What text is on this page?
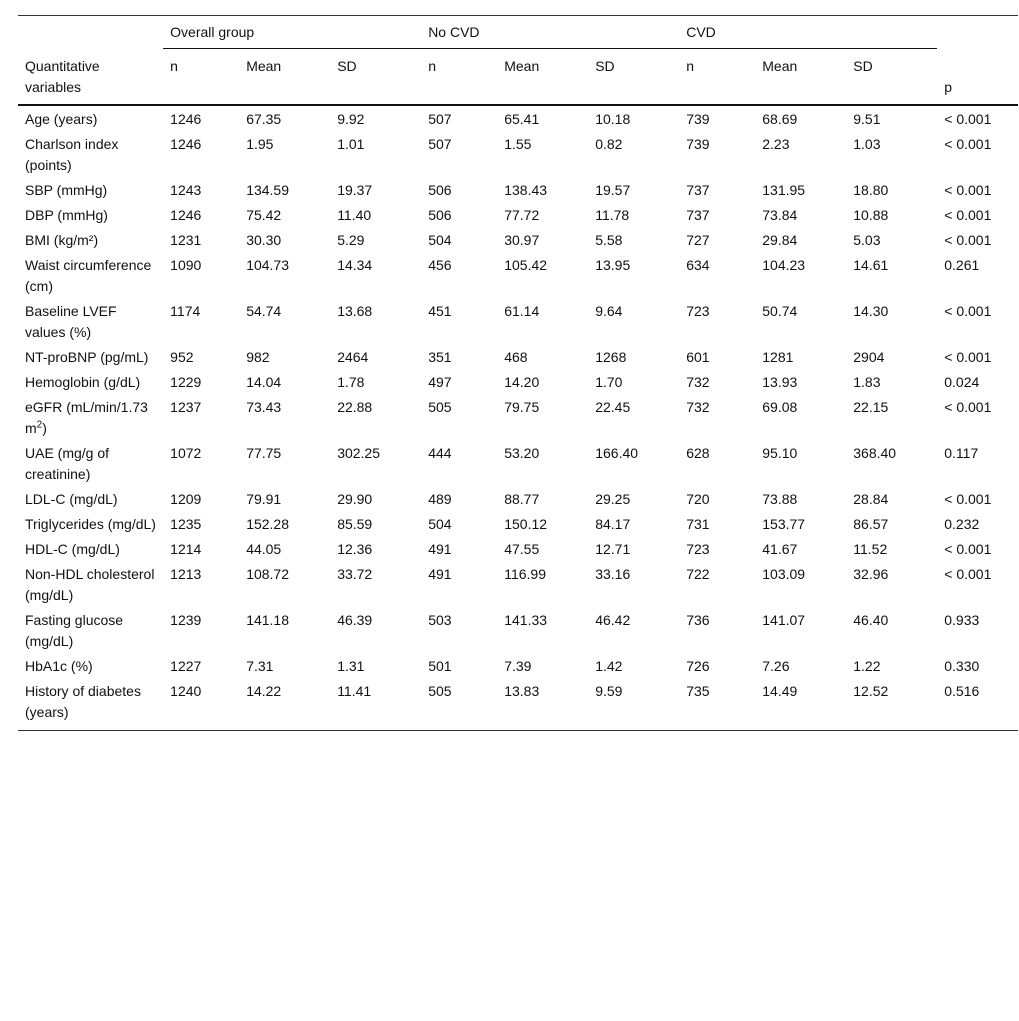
	Overall group			No CVD			CVD			
Quantitative variables	n	Mean	SD	n	Mean	SD	n	Mean	SD	p
Age (years)	1246	67.35	9.92	507	65.41	10.18	739	68.69	9.51	< 0.001
Charlson index (points)	1246	1.95	1.01	507	1.55	0.82	739	2.23	1.03	< 0.001
SBP (mmHg)	1243	134.59	19.37	506	138.43	19.57	737	131.95	18.80	< 0.001
DBP (mmHg)	1246	75.42	11.40	506	77.72	11.78	737	73.84	10.88	< 0.001
BMI (kg/m²)	1231	30.30	5.29	504	30.97	5.58	727	29.84	5.03	< 0.001
Waist circumference (cm)	1090	104.73	14.34	456	105.42	13.95	634	104.23	14.61	0.261
Baseline LVEF values (%)	1174	54.74	13.68	451	61.14	9.64	723	50.74	14.30	< 0.001
NT-proBNP (pg/mL)	952	982	2464	351	468	1268	601	1281	2904	< 0.001
Hemoglobin (g/dL)	1229	14.04	1.78	497	14.20	1.70	732	13.93	1.83	0.024
eGFR (mL/min/1.73 $m^2$)	1237	73.43	22.88	505	79.75	22.45	732	69.08	22.15	< 0.001
UAE (mg/g of creatinine)	1072	77.75	302.25	444	53.20	166.40	628	95.10	368.40	0.117
LDL-C (mg/dL)	1209	79.91	29.90	489	88.77	29.25	720	73.88	28.84	< 0.001
Triglycerides (mg/dL)	1235	152.28	85.59	504	150.12	84.17	731	153.77	86.57	0.232
HDL-C (mg/dL)	1214	44.05	12.36	491	47.55	12.71	723	41.67	11.52	< 0.001
Non-HDL cholesterol (mg/dL)	1213	108.72	33.72	491	116.99	33.16	722	103.09	32.96	< 0.001
Fasting glucose (mg/dL)	1239	141.18	46.39	503	141.33	46.42	736	141.07	46.40	0.933
HbA1c (%)	1227	7.31	1.31	501	7.39	1.42	726	7.26	1.22	0.330
History of diabetes (years)	1240	14.22	11.41	505	13.83	9.59	735	14.49	12.52	0.516
